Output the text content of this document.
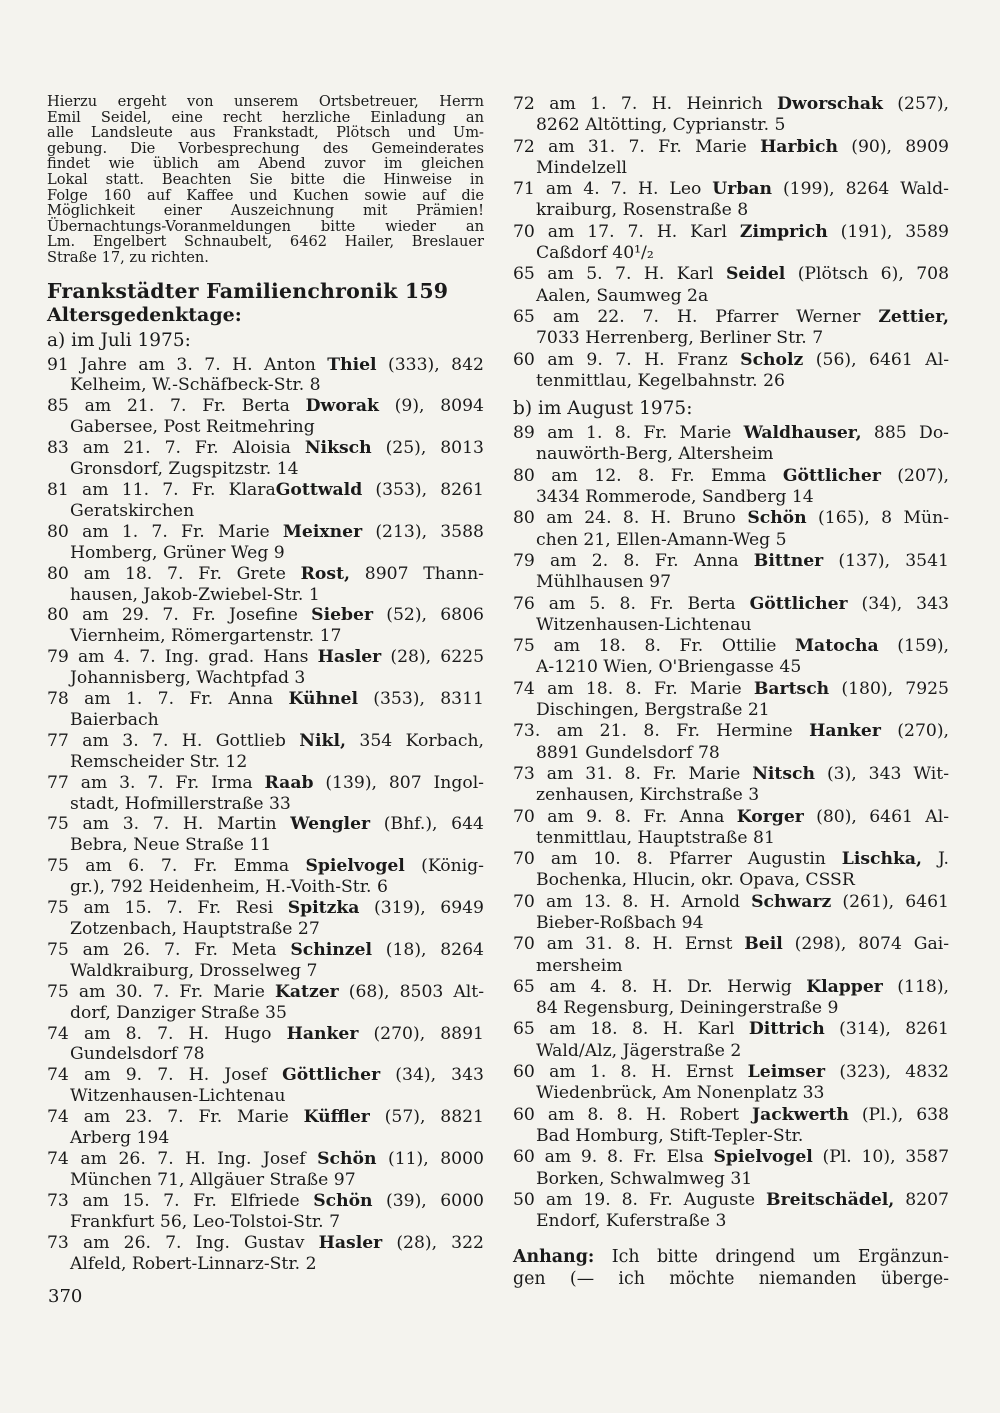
Hierzu ergeht von unserem Ortsbetreuer, Herrn
Emil Seidel, eine recht herzliche Einladung an
alle Landsleute aus Frankstadt, Plötsch und Um-
gebung. Die Vorbesprechung des Gemeinderates
findet wie üblich am Abend zuvor im gleichen
Lokal statt. Beachten Sie bitte die Hinweise in
Folge 160 auf Kaffee und Kuchen sowie auf die
Möglichkeit einer Auszeichnung mit Prämien!
Übernachtungs-Voranmeldungen bitte wieder an
Lm. Engelbert Schnaubelt, 6462 Hailer, Breslauer
Straße 17, zu richten.
Frankstädter Familienchronik 159
Altersgedenktage:
a) im Juli 1975:
91 Jahre am 3. 7. H. Anton Thiel (333), 842
Kelheim, W.-Schäfbeck-Str. 8
85 am 21. 7. Fr. Berta Dworak (9), 8094
Gabersee, Post Reitmehring
83 am 21. 7. Fr. Aloisia Niksch (25), 8013
Gronsdorf, Zugspitzstr. 14
81 am 11. 7. Fr. KlaraGottwald (353), 8261
Geratskirchen
80 am 1. 7. Fr. Marie Meixner (213), 3588
Homberg, Grüner Weg 9
80 am 18. 7. Fr. Grete Rost, 8907 Thann-
hausen, Jakob-Zwiebel-Str. 1
80 am 29. 7. Fr. Josefine Sieber (52), 6806
Viernheim, Römergartenstr. 17
79 am 4. 7. Ing. grad. Hans Hasler (28), 6225
Johannisberg, Wachtpfad 3
78 am 1. 7. Fr. Anna Kühnel (353), 8311
Baierbach
77 am 3. 7. H. Gottlieb Nikl, 354 Korbach,
Remscheider Str. 12
77 am 3. 7. Fr. Irma Raab (139), 807 Ingol-
stadt, Hofmillerstraße 33
75 am 3. 7. H. Martin Wengler (Bhf.), 644
Bebra, Neue Straße 11
75 am 6. 7. Fr. Emma Spielvogel (König-
gr.), 792 Heidenheim, H.-Voith-Str. 6
75 am 15. 7. Fr. Resi Spitzka (319), 6949
Zotzenbach, Hauptstraße 27
75 am 26. 7. Fr. Meta Schinzel (18), 8264
Waldkraiburg, Drosselweg 7
75 am 30. 7. Fr. Marie Katzer (68), 8503 Alt-
dorf, Danziger Straße 35
74 am 8. 7. H. Hugo Hanker (270), 8891
Gundelsdorf 78
74 am 9. 7. H. Josef Göttlicher (34), 343
Witzenhausen-Lichtenau
74 am 23. 7. Fr. Marie Küffler (57), 8821
Arberg 194
74 am 26. 7. H. Ing. Josef Schön (11), 8000
München 71, Allgäuer Straße 97
73 am 15. 7. Fr. Elfriede Schön (39), 6000
Frankfurt 56, Leo-Tolstoi-Str. 7
73 am 26. 7. Ing. Gustav Hasler (28), 322
Alfeld, Robert-Linnarz-Str. 2
72 am 1. 7. H. Heinrich Dworschak (257),
8262 Altötting, Cyprianstr. 5
72 am 31. 7. Fr. Marie Harbich (90), 8909
Mindelzell
71 am 4. 7. H. Leo Urban (199), 8264 Wald-
kraiburg, Rosenstraße 8
70 am 17. 7. H. Karl Zimprich (191), 3589
Caßdorf 40¹/₂
65 am 5. 7. H. Karl Seidel (Plötsch 6), 708
Aalen, Saumweg 2a
65 am 22. 7. H. Pfarrer Werner Zettier,
7033 Herrenberg, Berliner Str. 7
60 am 9. 7. H. Franz Scholz (56), 6461 Al-
tenmittlau, Kegelbahnstr. 26
b) im August 1975:
89 am 1. 8. Fr. Marie Waldhauser, 885 Do-
nauwörth-Berg, Altersheim
80 am 12. 8. Fr. Emma Göttlicher (207),
3434 Rommerode, Sandberg 14
80 am 24. 8. H. Bruno Schön (165), 8 Mün-
chen 21, Ellen-Amann-Weg 5
79 am 2. 8. Fr. Anna Bittner (137), 3541
Mühlhausen 97
76 am 5. 8. Fr. Berta Göttlicher (34), 343
Witzenhausen-Lichtenau
75 am 18. 8. Fr. Ottilie Matocha (159),
A-1210 Wien, O'Briengasse 45
74 am 18. 8. Fr. Marie Bartsch (180), 7925
Dischingen, Bergstraße 21
73. am 21. 8. Fr. Hermine Hanker (270),
8891 Gundelsdorf 78
73 am 31. 8. Fr. Marie Nitsch (3), 343 Wit-
zenhausen, Kirchstraße 3
70 am 9. 8. Fr. Anna Korger (80), 6461 Al-
tenmittlau, Hauptstraße 81
70 am 10. 8. Pfarrer Augustin Lischka, J.
Bochenka, Hlucin, okr. Opava, CSSR
70 am 13. 8. H. Arnold Schwarz (261), 6461
Bieber-Roßbach 94
70 am 31. 8. H. Ernst Beil (298), 8074 Gai-
mersheim
65 am 4. 8. H. Dr. Herwig Klapper (118),
84 Regensburg, Deiningerstraße 9
65 am 18. 8. H. Karl Dittrich (314), 8261
Wald/Alz, Jägerstraße 2
60 am 1. 8. H. Ernst Leimser (323), 4832
Wiedenbrück, Am Nonenplatz 33
60 am 8. 8. H. Robert Jackwerth (Pl.), 638
Bad Homburg, Stift-Tepler-Str.
60 am 9. 8. Fr. Elsa Spielvogel (Pl. 10), 3587
Borken, Schwalmweg 31
50 am 19. 8. Fr. Auguste Breitschädel, 8207
Endorf, Kuferstraße 3
Anhang: Ich bitte dringend um Ergänzun-
gen (— ich möchte niemanden überge-
370
